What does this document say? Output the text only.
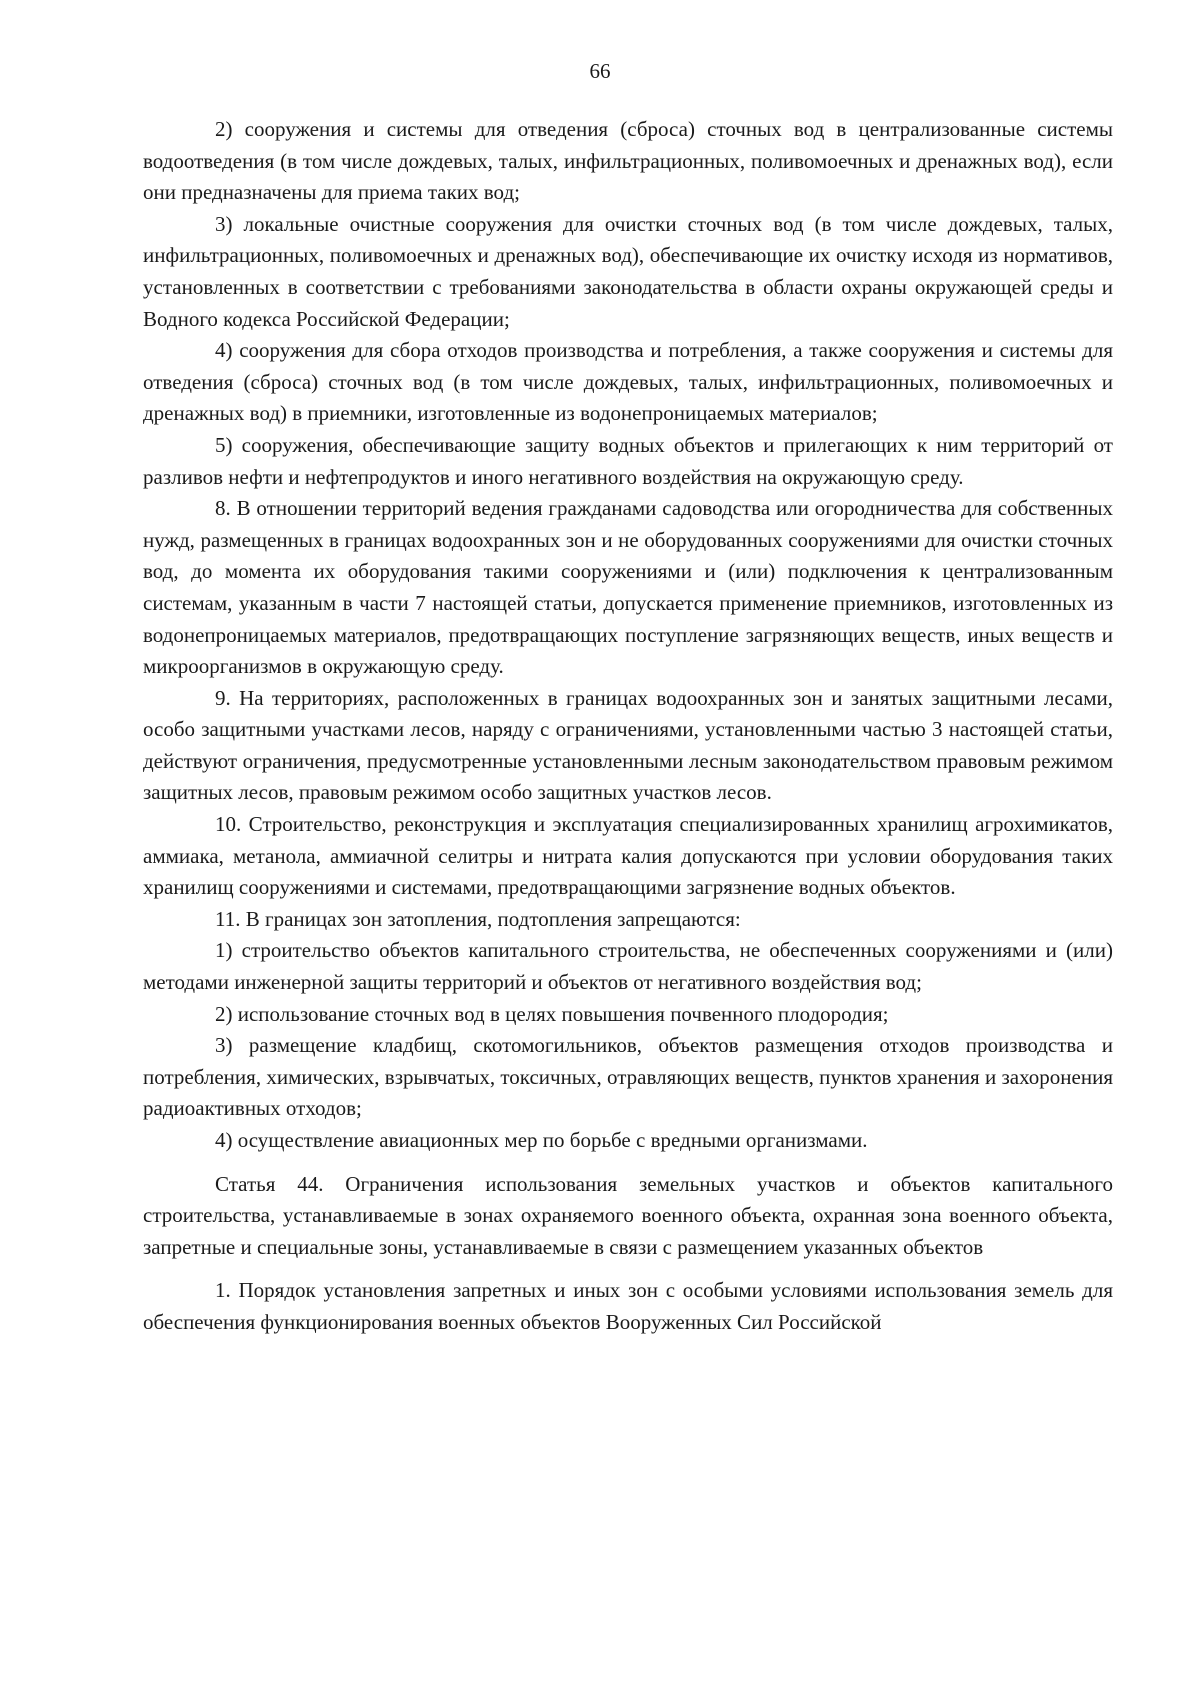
66

2) сооружения и системы для отведения (сброса) сточных вод в централизованные системы водоотведения (в том числе дождевых, талых, инфильтрационных, поливомоечных и дренажных вод), если они предназначены для приема таких вод;

3) локальные очистные сооружения для очистки сточных вод (в том числе дождевых, талых, инфильтрационных, поливомоечных и дренажных вод), обеспечивающие их очистку исходя из нормативов, установленных в соответствии с требованиями законодательства в области охраны окружающей среды и Водного кодекса Российской Федерации;

4) сооружения для сбора отходов производства и потребления, а также сооружения и системы для отведения (сброса) сточных вод (в том числе дождевых, талых, инфильтрационных, поливомоечных и дренажных вод) в приемники, изготовленные из водонепроницаемых материалов;

5) сооружения, обеспечивающие защиту водных объектов и прилегающих к ним территорий от разливов нефти и нефтепродуктов и иного негативного воздействия на окружающую среду.

8. В отношении территорий ведения гражданами садоводства или огородничества для собственных нужд, размещенных в границах водоохранных зон и не оборудованных сооружениями для очистки сточных вод, до момента их оборудования такими сооружениями и (или) подключения к централизованным системам, указанным в части 7 настоящей статьи, допускается применение приемников, изготовленных из водонепроницаемых материалов, предотвращающих поступление загрязняющих веществ, иных веществ и микроорганизмов в окружающую среду.

9. На территориях, расположенных в границах водоохранных зон и занятых защитными лесами, особо защитными участками лесов, наряду с ограничениями, установленными частью 3 настоящей статьи, действуют ограничения, предусмотренные установленными лесным законодательством правовым режимом защитных лесов, правовым режимом особо защитных участков лесов.

10. Строительство, реконструкция и эксплуатация специализированных хранилищ агрохимикатов, аммиака, метанола, аммиачной селитры и нитрата калия допускаются при условии оборудования таких хранилищ сооружениями и системами, предотвращающими загрязнение водных объектов.

11. В границах зон затопления, подтопления запрещаются:

1) строительство объектов капитального строительства, не обеспеченных сооружениями и (или) методами инженерной защиты территорий и объектов от негативного воздействия вод;

2) использование сточных вод в целях повышения почвенного плодородия;

3) размещение кладбищ, скотомогильников, объектов размещения отходов производства и потребления, химических, взрывчатых, токсичных, отравляющих веществ, пунктов хранения и захоронения радиоактивных отходов;

4) осуществление авиационных мер по борьбе с вредными организмами.

Статья 44. Ограничения использования земельных участков и объектов капитального строительства, устанавливаемые в зонах охраняемого военного объекта, охранная зона военного объекта, запретные и специальные зоны, устанавливаемые в связи с размещением указанных объектов

1. Порядок установления запретных и иных зон с особыми условиями использования земель для обеспечения функционирования военных объектов Вооруженных Сил Российской
